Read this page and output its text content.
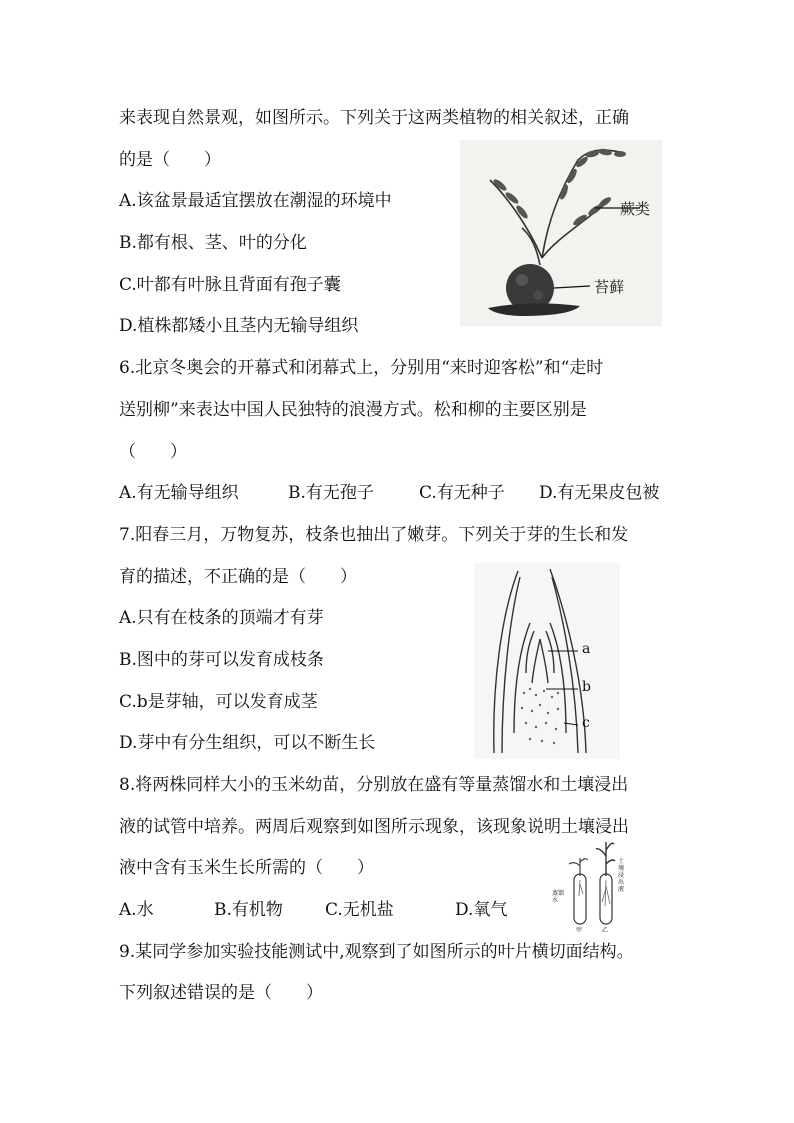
来表现自然景观，如图所示。下列关于这两类植物的相关叙述，正确
的是（　　）
A.该盆景最适宜摆放在潮湿的环境中
B.都有根、茎、叶的分化
C.叶都有叶脉且背面有孢子囊
D.植株都矮小且茎内无输导组织
蕨类
苔藓
6.北京冬奥会的开幕式和闭幕式上，分别用“来时迎客松”和“走时
送别柳”来表达中国人民独特的浪漫方式。松和柳的主要区别是
（　　）
A.有无输导组织	B.有无孢子	C.有无种子 D.有无果皮包被
7.阳春三月，万物复苏，枝条也抽出了嫩芽。下列关于芽的生长和发
育的描述，不正确的是（　　）
A.只有在枝条的顶端才有芽
B.图中的芽可以发育成枝条
C.b是芽轴，可以发育成茎
D.芽中有分生组织，可以不断生长
a
b
c
8.将两株同样大小的玉米幼苗，分别放在盛有等量蒸馏水和土壤浸出
液的试管中培养。两周后观察到如图所示现象，该现象说明土壤浸出
液中含有玉米生长所需的（　　）
A.水	B.有机物 C.无机盐	D.氧气
蒸馏水
土壤浸出液
甲	乙
9.某同学参加实验技能测试中,观察到了如图所示的叶片横切面结构。
下列叙述错误的是（　　）
